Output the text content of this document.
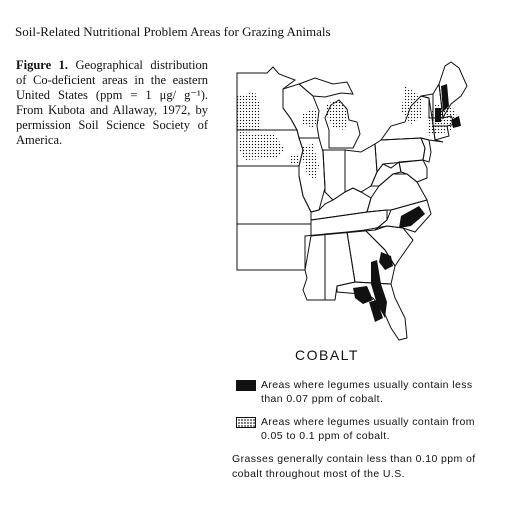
Soil-Related Nutritional Problem Areas for Grazing Animals
Figure 1. Geographical distribution of Co-deficient areas in the eastern United States (ppm = 1 μg/ g⁻¹). From Kubota and Allaway, 1972, by permission Soil Science Society of America.
COBALT
Areas where legumes usually contain less than 0.07 ppm of cobalt.
Areas where legumes usually contain from 0.05 to 0.1 ppm of cobalt.
Grasses generally contain less than 0.10 ppm of cobalt throughout most of the U.S.
